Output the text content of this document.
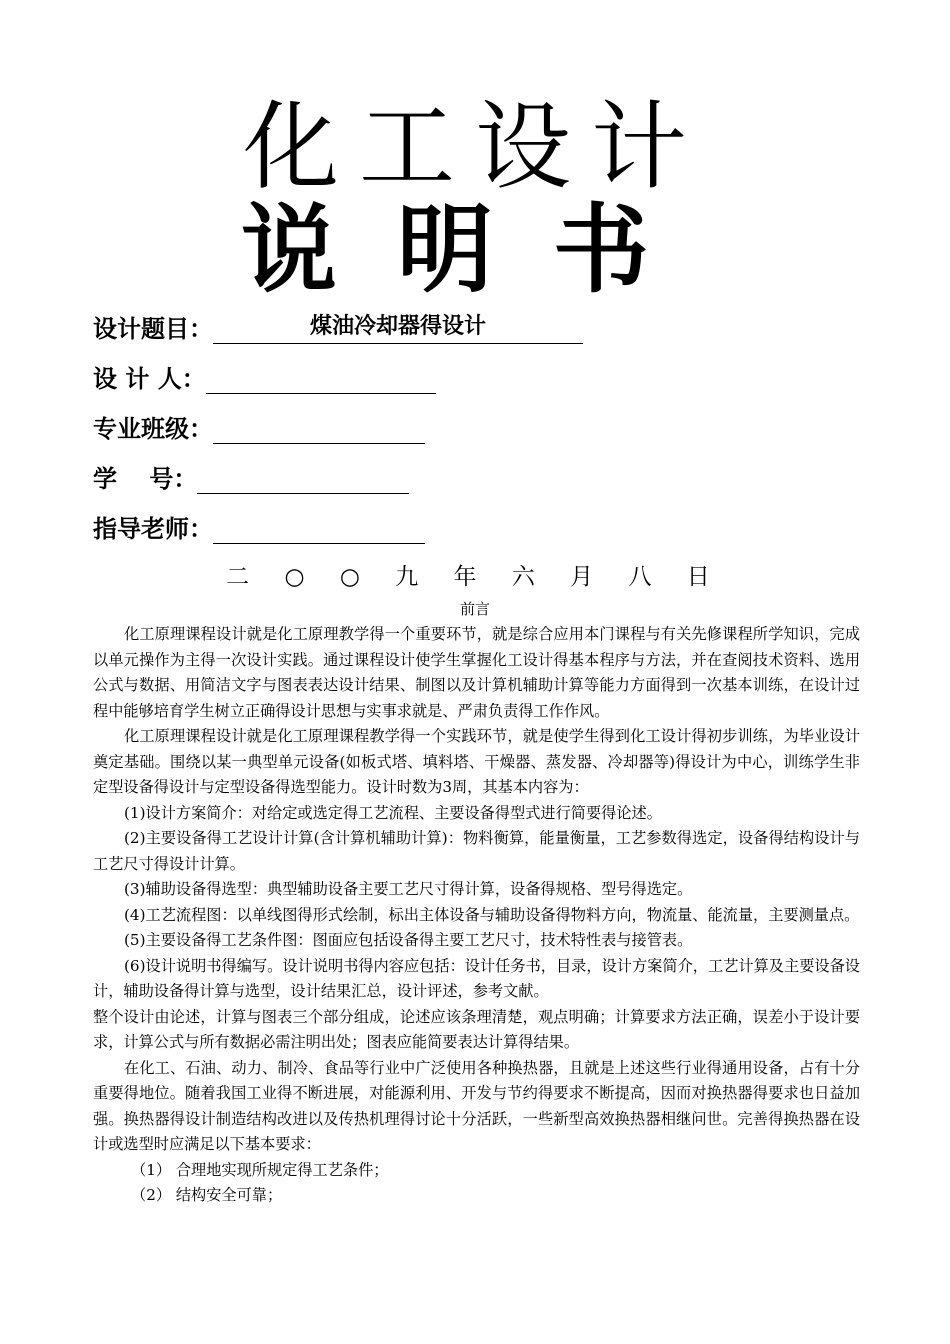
化工设计
说明书
设计题目：	煤油冷却器得设计
设 计 人：
专业班级：
学　 号：
指导老师：
二 ○ ○ 九 年 六 月 八 日
前言

化工原理课程设计就是化工原理教学得一个重要环节，就是综合应用本门课程与有关先修课程所学知识，完成以单元操作为主得一次设计实践。通过课程设计使学生掌握化工设计得基本程序与方法，并在查阅技术资料、选用公式与数据、用简洁文字与图表表达设计结果、制图以及计算机辅助计算等能力方面得到一次基本训练，在设计过程中能够培育学生树立正确得设计思想与实事求就是、严肃负责得工作作风。

化工原理课程设计就是化工原理课程教学得一个实践环节，就是使学生得到化工设计得初步训练，为毕业设计奠定基础。围绕以某一典型单元设备(如板式塔、填料塔、干燥器、蒸发器、冷却器等)得设计为中心，训练学生非定型设备得设计与定型设备得选型能力。设计时数为3周，其基本内容为：

(1)设计方案简介：对给定或选定得工艺流程、主要设备得型式进行简要得论述。

(2)主要设备得工艺设计计算(含计算机辅助计算)：物料衡算，能量衡量，工艺参数得选定，设备得结构设计与工艺尺寸得设计计算。

(3)辅助设备得选型：典型辅助设备主要工艺尺寸得计算，设备得规格、型号得选定。

(4)工艺流程图：以单线图得形式绘制，标出主体设备与辅助设备得物料方向，物流量、能流量，主要测量点。

(5)主要设备得工艺条件图：图面应包括设备得主要工艺尺寸，技术特性表与接管表。

(6)设计说明书得编写。设计说明书得内容应包括：设计任务书，目录，设计方案简介，工艺计算及主要设备设计，辅助设备得计算与选型，设计结果汇总，设计评述，参考文献。

整个设计由论述，计算与图表三个部分组成，论述应该条理清楚，观点明确；计算要求方法正确，误差小于设计要求，计算公式与所有数据必需注明出处；图表应能简要表达计算得结果。

在化工、石油、动力、制冷、食品等行业中广泛使用各种换热器，且就是上述这些行业得通用设备，占有十分重要得地位。随着我国工业得不断进展，对能源利用、开发与节约得要求不断提高，因而对换热器得要求也日益加强。换热器得设计制造结构改进以及传热机理得讨论十分活跃，一些新型高效换热器相继问世。完善得换热器在设计或选型时应满足以下基本要求：

（1） 合理地实现所规定得工艺条件；

（2） 结构安全可靠；
